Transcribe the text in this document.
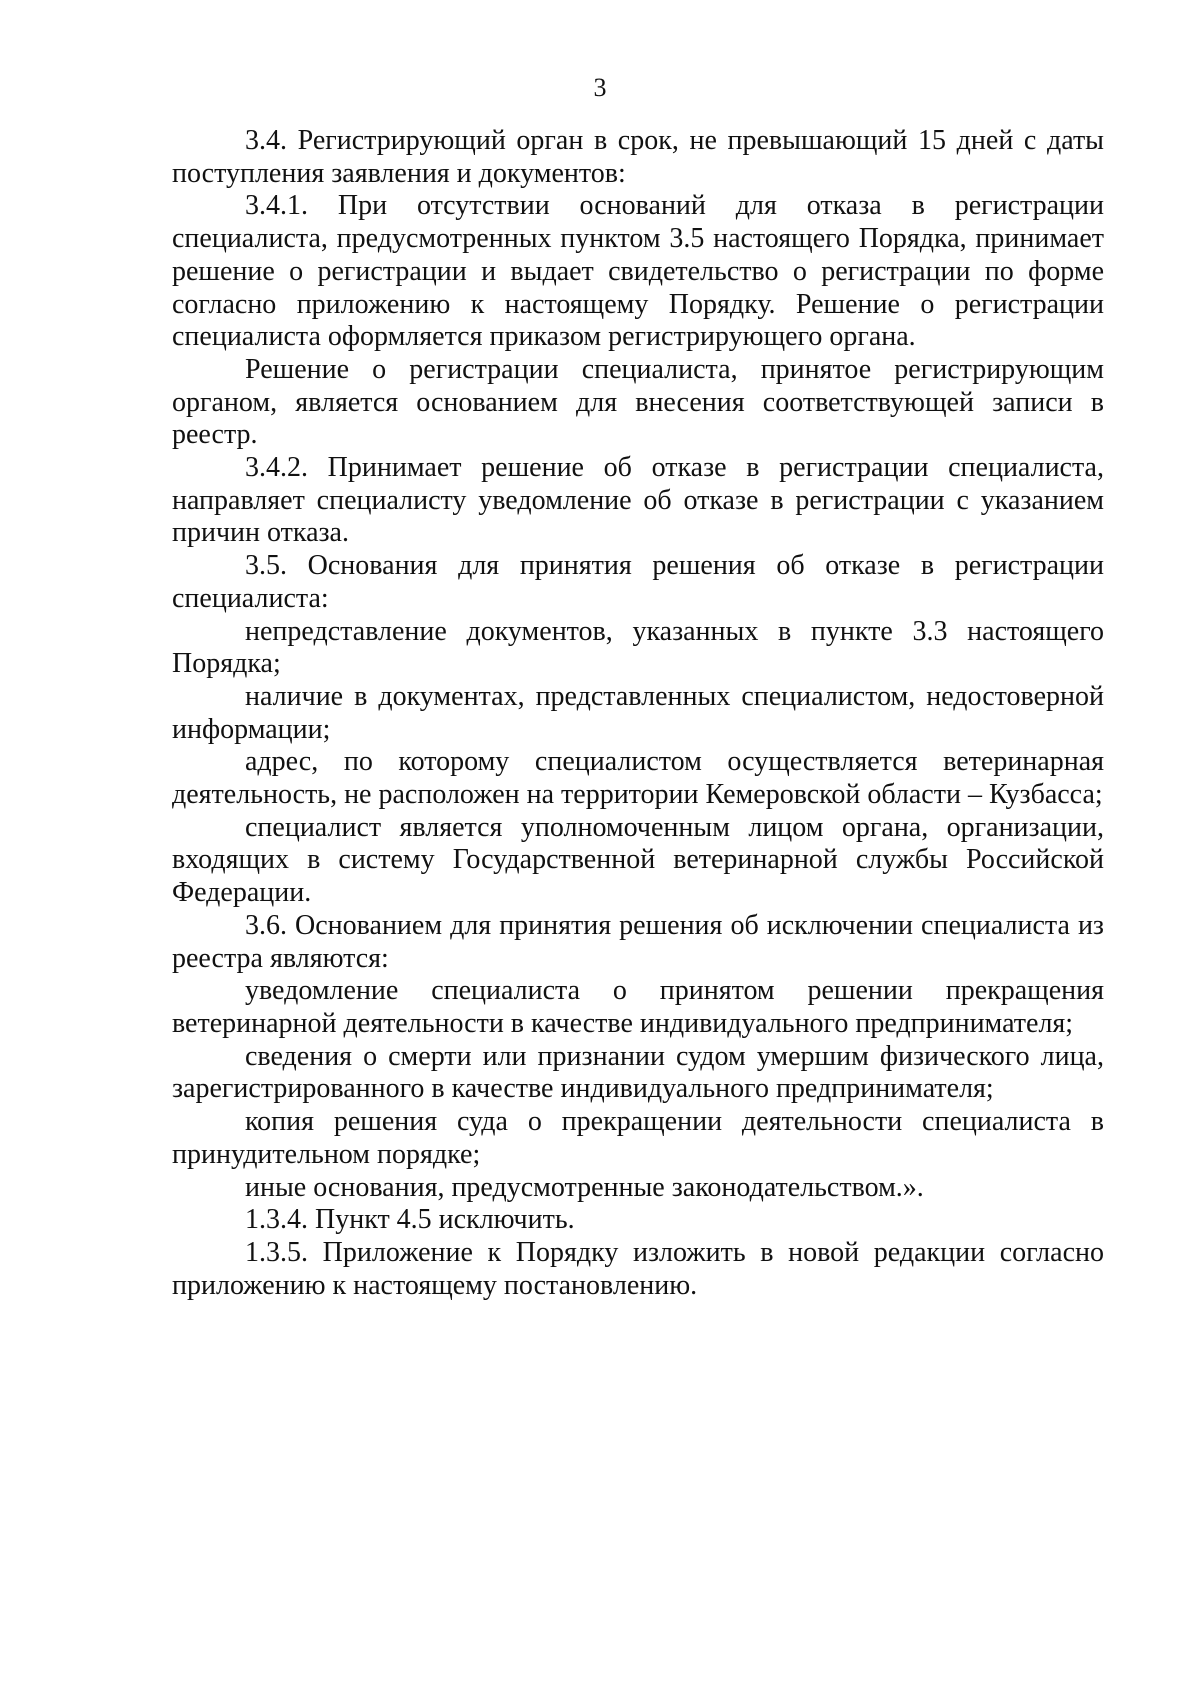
3

3.4. Регистрирующий орган в срок, не превышающий 15 дней с даты поступления заявления и документов:

3.4.1. При отсутствии оснований для отказа в регистрации специалиста, предусмотренных пунктом 3.5 настоящего Порядка, принимает решение о регистрации и выдает свидетельство о регистрации по форме согласно приложению к настоящему Порядку. Решение о регистрации специалиста оформляется приказом регистрирующего органа.

Решение о регистрации специалиста, принятое регистрирующим органом, является основанием для внесения соответствующей записи в реестр.

3.4.2. Принимает решение об отказе в регистрации специалиста, направляет специалисту уведомление об отказе в регистрации с указанием причин отказа.

3.5. Основания для принятия решения об отказе в регистрации специалиста:

непредставление документов, указанных в пункте 3.3 настоящего Порядка;

наличие в документах, представленных специалистом, недостоверной информации;

адрес, по которому специалистом осуществляется ветеринарная деятельность, не расположен на территории Кемеровской области – Кузбасса;

специалист является уполномоченным лицом органа, организации, входящих в систему Государственной ветеринарной службы Российской Федерации.

3.6. Основанием для принятия решения об исключении специалиста из реестра являются:

уведомление специалиста о принятом решении прекращения ветеринарной деятельности в качестве индивидуального предпринимателя;

сведения о смерти или признании судом умершим физического лица, зарегистрированного в качестве индивидуального предпринимателя;

копия решения суда о прекращении деятельности специалиста в принудительном порядке;

иные основания, предусмотренные законодательством.».

1.3.4. Пункт 4.5 исключить.

1.3.5. Приложение к Порядку изложить в новой редакции согласно приложению к настоящему постановлению.
